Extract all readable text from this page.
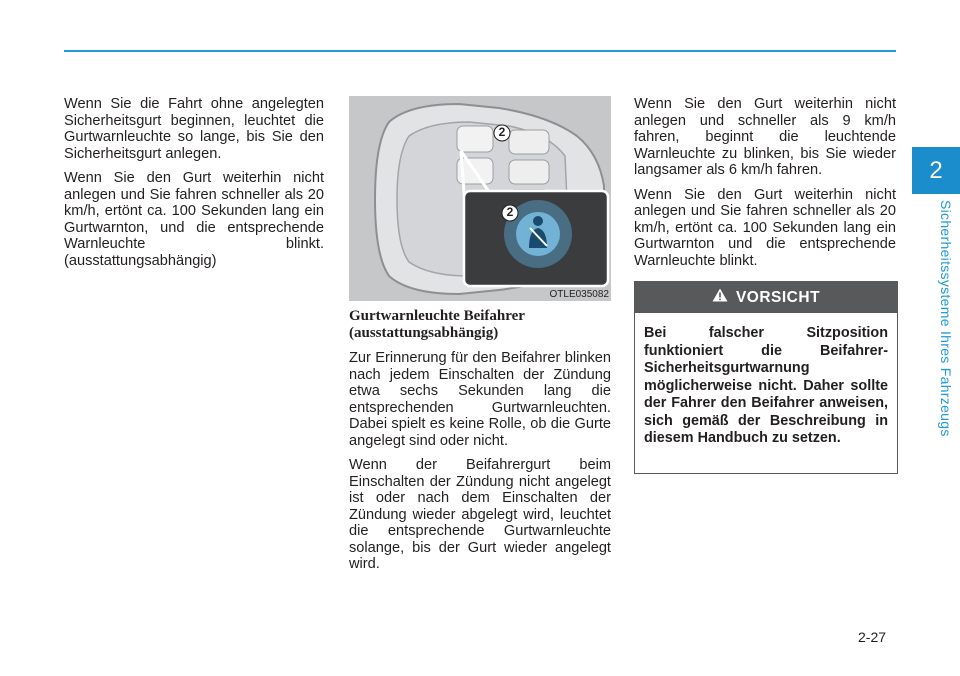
2
Sicherheitssysteme Ihres Fahrzeugs

Wenn Sie die Fahrt ohne angelegten Sicherheitsgurt beginnen, leuchtet die Gurtwarnleuchte so lange, bis Sie den Sicherheitsgurt anlegen.

Wenn Sie den Gurt weiterhin nicht anlegen und Sie fahren schneller als 20 km/h, ertönt ca. 100 Sekunden lang ein Gurtwarnton, und die entsprechende Warnleuchte blinkt. (ausstattungsabhängig)

2
2
OTLE035082
Gurtwarnleuchte Beifahrer
(ausstattungsabhängig)

Zur Erinnerung für den Beifahrer blinken nach jedem Einschalten der Zündung etwa sechs Sekunden lang die entsprechenden Gurtwarnleuchten. Dabei spielt es keine Rolle, ob die Gurte angelegt sind oder nicht.

Wenn der Beifahrergurt beim Einschalten der Zündung nicht angelegt ist oder nach dem Einschalten der Zündung wieder abgelegt wird, leuchtet die entsprechende Gurtwarnleuchte solange, bis der Gurt wieder angelegt wird.

Wenn Sie den Gurt weiterhin nicht anlegen und schneller als 9 km/h fahren, beginnt die leuchtende Warnleuchte zu blinken, bis Sie wieder langsamer als 6 km/h fahren.

Wenn Sie den Gurt weiterhin nicht anlegen und Sie fahren schneller als 20 km/h, ertönt ca. 100 Sekunden lang ein Gurtwarnton und die entsprechende Warnleuchte blinkt.

VORSICHT
Bei falscher Sitzposition funktioniert die Beifahrer-Sicherheitsgurtwarnung möglicherweise nicht. Daher sollte der Fahrer den Beifahrer anweisen, sich gemäß der Beschreibung in diesem Handbuch zu setzen.
2-27
